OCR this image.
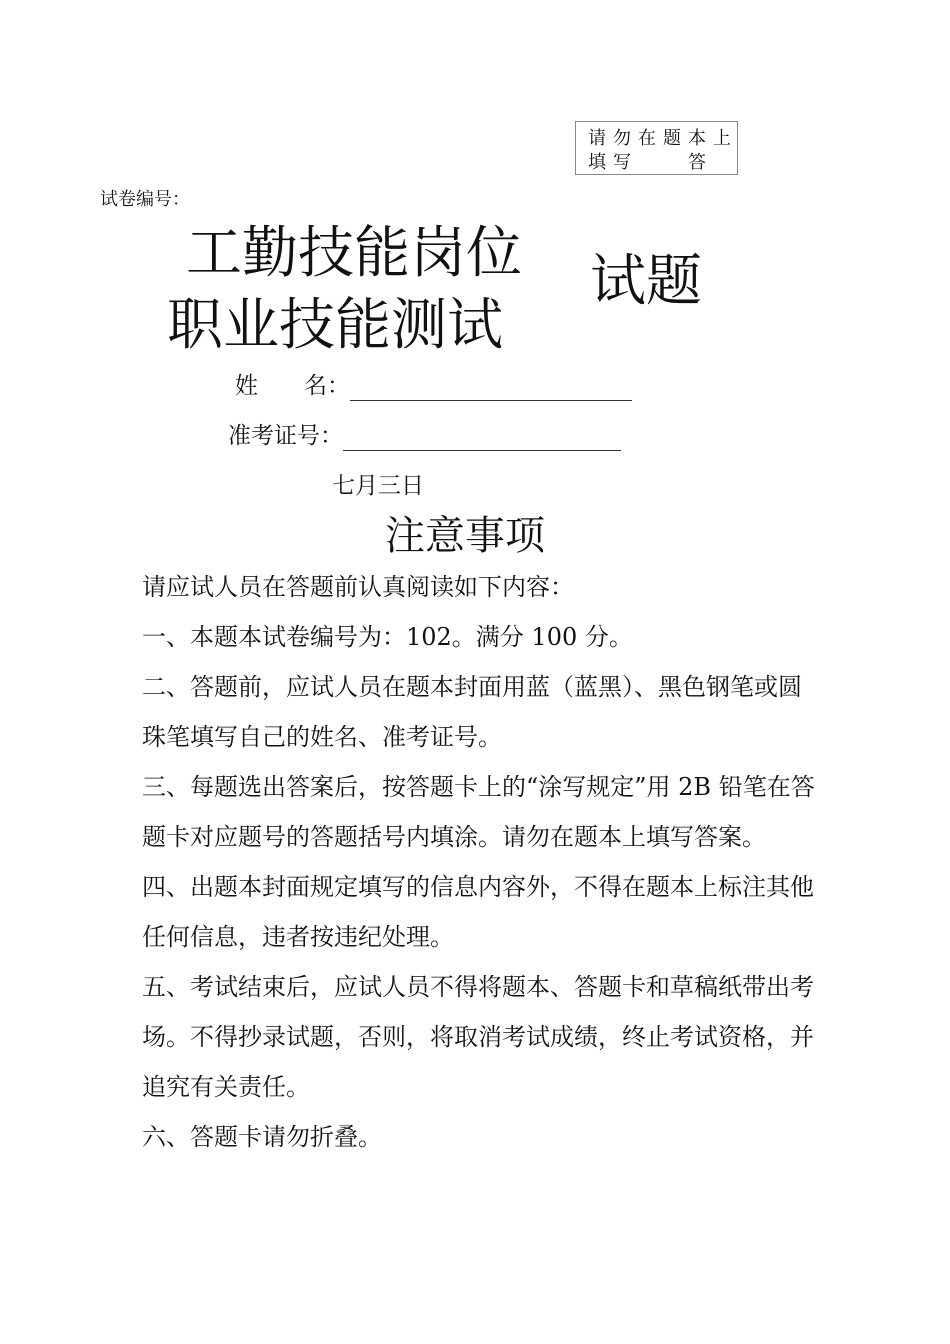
请勿在题本上
填写　　答
试卷编号：
工勤技能岗位
职业技能测试
试题
姓　　名：
准考证号：
七月三日
注意事项

请应试人员在答题前认真阅读如下内容：

一、本题本试卷编号为：102。满分 100 分。

二、答题前，应试人员在题本封面用蓝（蓝黑）、黑色钢笔或圆珠笔填写自己的姓名、准考证号。

三、每题选出答案后，按答题卡上的“涂写规定”用 2B 铅笔在答题卡对应题号的答题括号内填涂。请勿在题本上填写答案。

四、出题本封面规定填写的信息内容外，不得在题本上标注其他任何信息，违者按违纪处理。

五、考试结束后，应试人员不得将题本、答题卡和草稿纸带出考场。不得抄录试题，否则，将取消考试成绩，终止考试资格，并追究有关责任。

六、答题卡请勿折叠。
